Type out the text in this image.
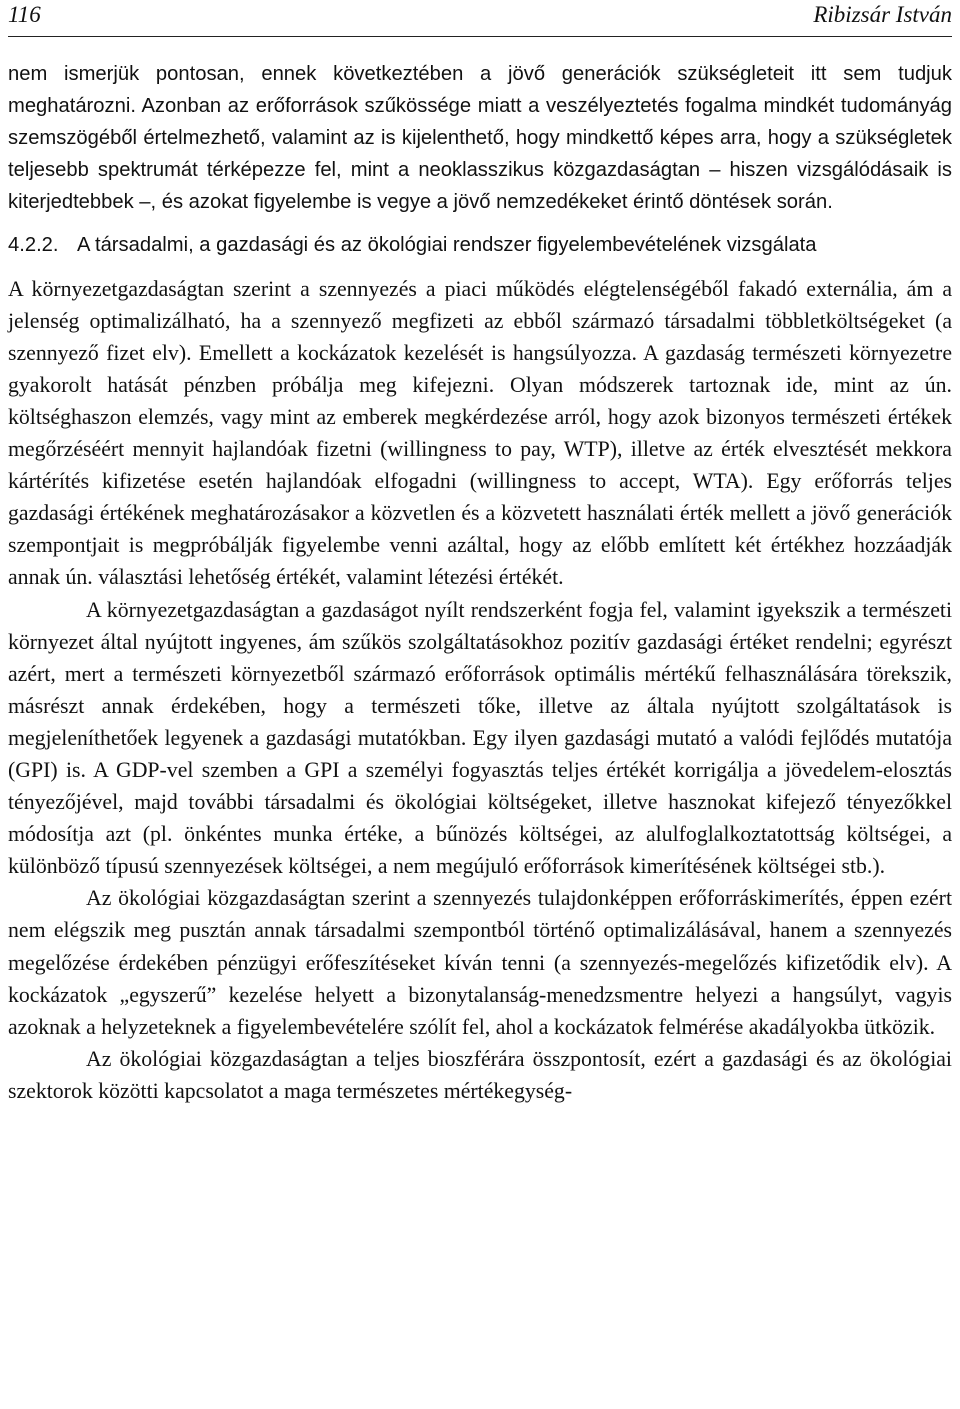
116	Ribizsár István

nem ismerjük pontosan, ennek következtében a jövő generációk szükségleteit itt sem tudjuk meghatározni. Azonban az erőforrások szűkössége miatt a veszélyeztetés fogalma mindkét tudományág szemszögéből értelmezhető, valamint az is kijelenthető, hogy mindkettő képes arra, hogy a szükségletek teljesebb spektrumát térképezze fel, mint a neoklasszikus közgazdaságtan – hiszen vizsgálódásaik is kiterjedtebbek –, és azokat figyelembe is vegye a jövő nemzedékeket érintő döntések során.

4.2.2. A társadalmi, a gazdasági és az ökológiai rendszer figyelembevételének vizsgálata

A környezetgazdaságtan szerint a szennyezés a piaci működés elégtelenségéből fakadó externália, ám a jelenség optimalizálható, ha a szennyező megfizeti az ebből származó társadalmi többletköltségeket (a szennyező fizet elv). Emellett a kockázatok kezelését is hangsúlyozza. A gazdaság természeti környezetre gyakorolt hatását pénzben próbálja meg kifejezni. Olyan módszerek tartoznak ide, mint az ún. költséghaszon elemzés, vagy mint az emberek megkérdezése arról, hogy azok bizonyos természeti értékek megőrzéséért mennyit hajlandóak fizetni (willingness to pay, WTP), illetve az érték elvesztését mekkora kártérítés kifizetése esetén hajlandóak elfogadni (willingness to accept, WTA). Egy erőforrás teljes gazdasági értékének meghatározásakor a közvetlen és a közvetett használati érték mellett a jövő generációk szempontjait is megpróbálják figyelembe venni azáltal, hogy az előbb említett két értékhez hozzáadják annak ún. választási lehetőség értékét, valamint létezési értékét.

A környezetgazdaságtan a gazdaságot nyílt rendszerként fogja fel, valamint igyekszik a természeti környezet által nyújtott ingyenes, ám szűkös szolgáltatásokhoz pozitív gazdasági értéket rendelni; egyrészt azért, mert a természeti környezetből származó erőforrások optimális mértékű felhasználására törekszik, másrészt annak érdekében, hogy a természeti tőke, illetve az általa nyújtott szolgáltatások is megjeleníthetőek legyenek a gazdasági mutatókban. Egy ilyen gazdasági mutató a valódi fejlődés mutatója (GPI) is. A GDP-vel szemben a GPI a személyi fogyasztás teljes értékét korrigálja a jövedelem-elosztás tényezőjével, majd további társadalmi és ökológiai költségeket, illetve hasznokat kifejező tényezőkkel módosítja azt (pl. önkéntes munka értéke, a bűnözés költségei, az alulfoglalkoztatottság költségei, a különböző típusú szennyezések költségei, a nem megújuló erőforrások kimerítésének költségei stb.).

Az ökológiai közgazdaságtan szerint a szennyezés tulajdonképpen erőforráskimerítés, éppen ezért nem elégszik meg pusztán annak társadalmi szempontból történő optimalizálásával, hanem a szennyezés megelőzése érdekében pénzügyi erőfeszítéseket kíván tenni (a szennyezés-megelőzés kifizetődik elv). A kockázatok „egyszerű” kezelése helyett a bizonytalanság-menedzsmentre helyezi a hangsúlyt, vagyis azoknak a helyzeteknek a figyelembevételére szólít fel, ahol a kockázatok felmérése akadályokba ütközik.

Az ökológiai közgazdaságtan a teljes bioszférára összpontosít, ezért a gazdasági és az ökológiai szektorok közötti kapcsolatot a maga természetes mértékegység-
